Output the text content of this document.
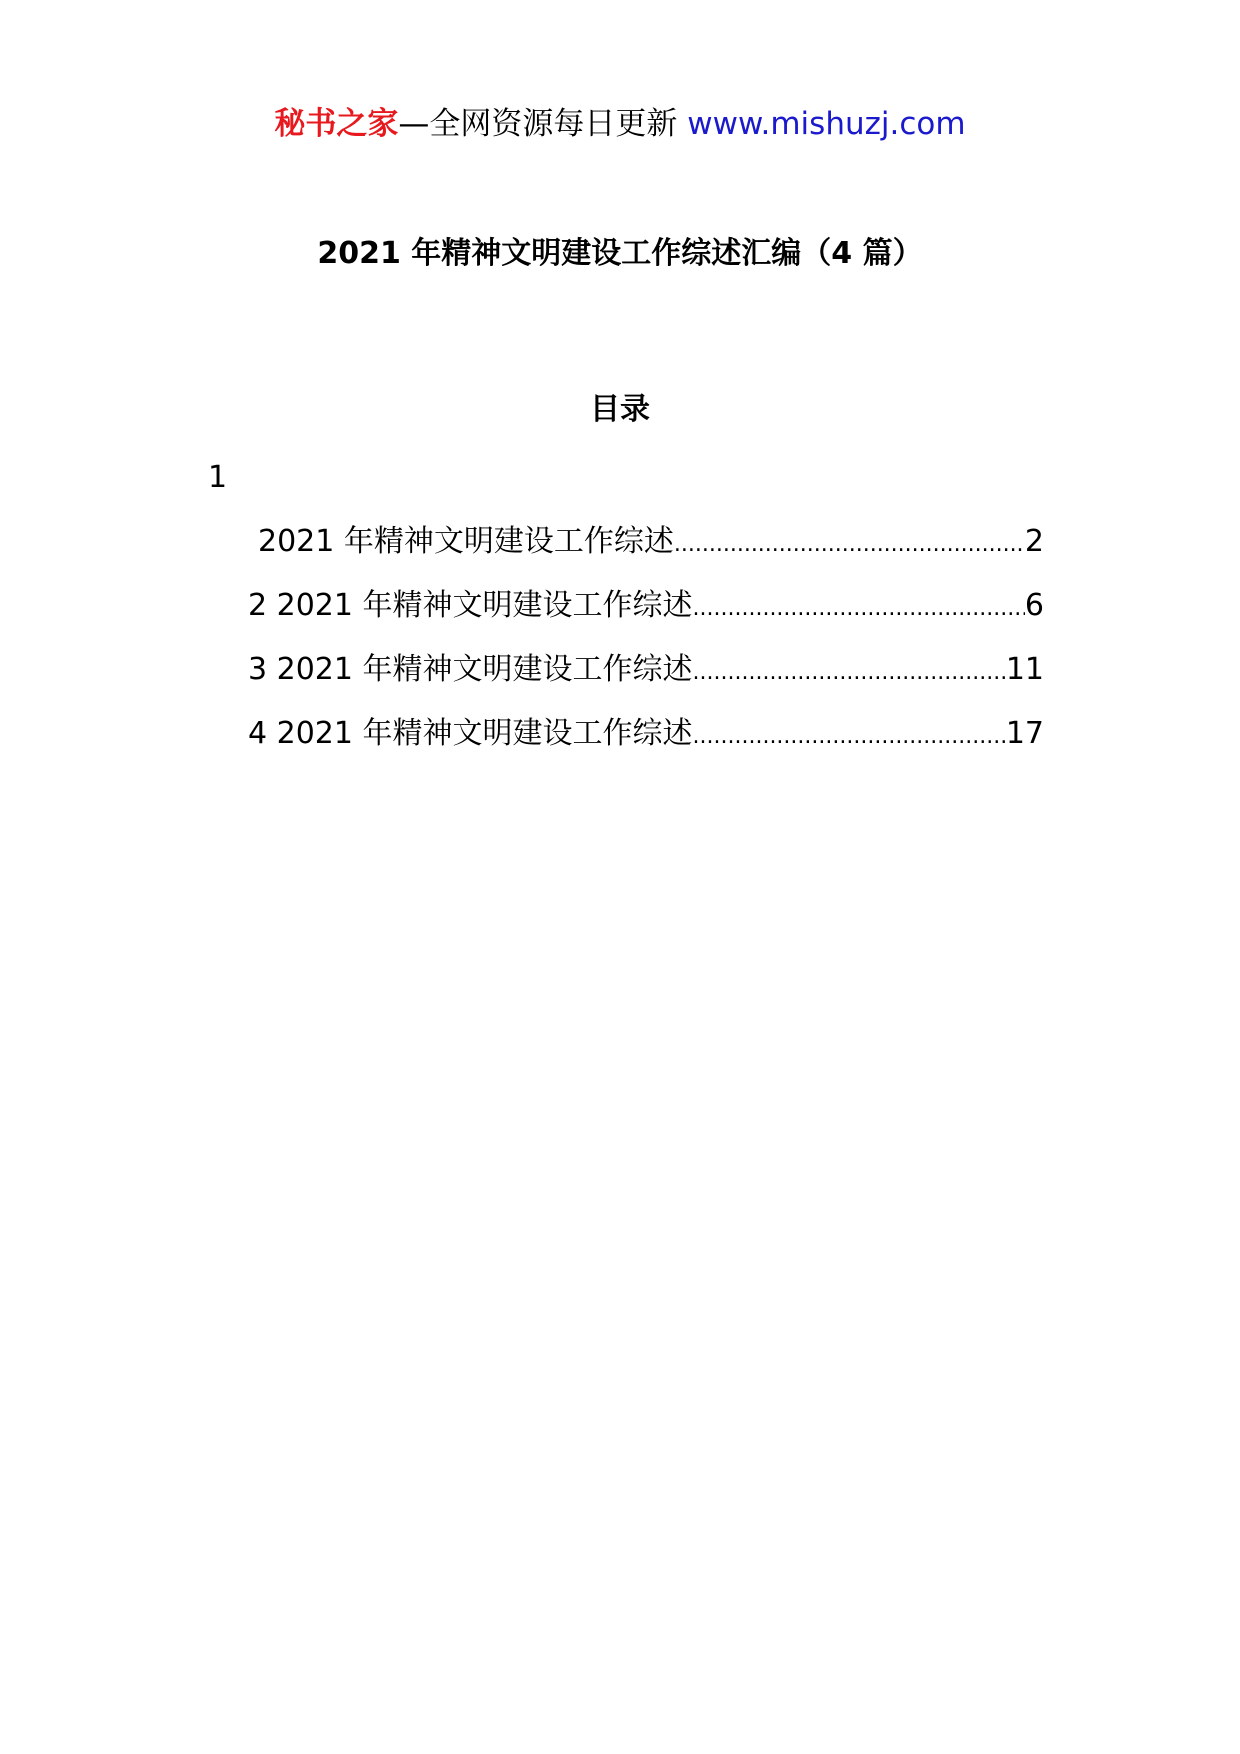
秘书之家—全网资源每日更新 www.mishuzj.com
2021 年精神文明建设工作综述汇编（4 篇）
目录
1
2021 年精神文明建设工作综述 .....	2
2 2021 年精神文明建设工作综述 .....	6
3 2021 年精神文明建设工作综述 .....	11
4 2021 年精神文明建设工作综述 .....	17
